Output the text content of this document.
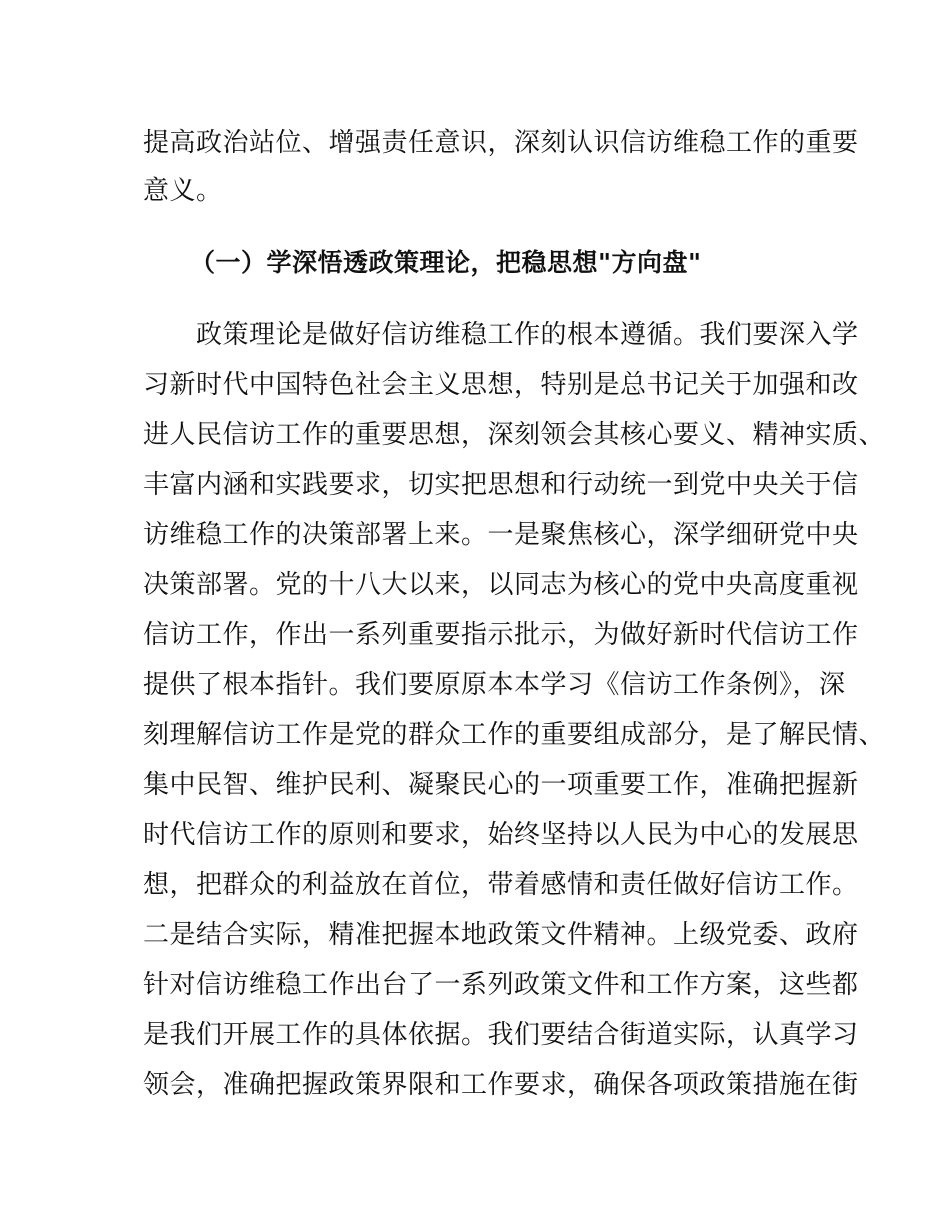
提高政治站位、增强责任意识，深刻认识信访维稳工作的重要
意义。
（一）学深悟透政策理论，把稳思想"方向盘"
　　政策理论是做好信访维稳工作的根本遵循。我们要深入学
习新时代中国特色社会主义思想，特别是总书记关于加强和改
进人民信访工作的重要思想，深刻领会其核心要义、精神实质、
丰富内涵和实践要求，切实把思想和行动统一到党中央关于信
访维稳工作的决策部署上来。一是聚焦核心，深学细研党中央
决策部署。党的十八大以来，以同志为核心的党中央高度重视
信访工作，作出一系列重要指示批示，为做好新时代信访工作
提供了根本指针。我们要原原本本学习《信访工作条例》，深
刻理解信访工作是党的群众工作的重要组成部分，是了解民情、
集中民智、维护民利、凝聚民心的一项重要工作，准确把握新
时代信访工作的原则和要求，始终坚持以人民为中心的发展思
想，把群众的利益放在首位，带着感情和责任做好信访工作。
二是结合实际，精准把握本地政策文件精神。上级党委、政府
针对信访维稳工作出台了一系列政策文件和工作方案，这些都
是我们开展工作的具体依据。我们要结合街道实际，认真学习
领会，准确把握政策界限和工作要求，确保各项政策措施在街
